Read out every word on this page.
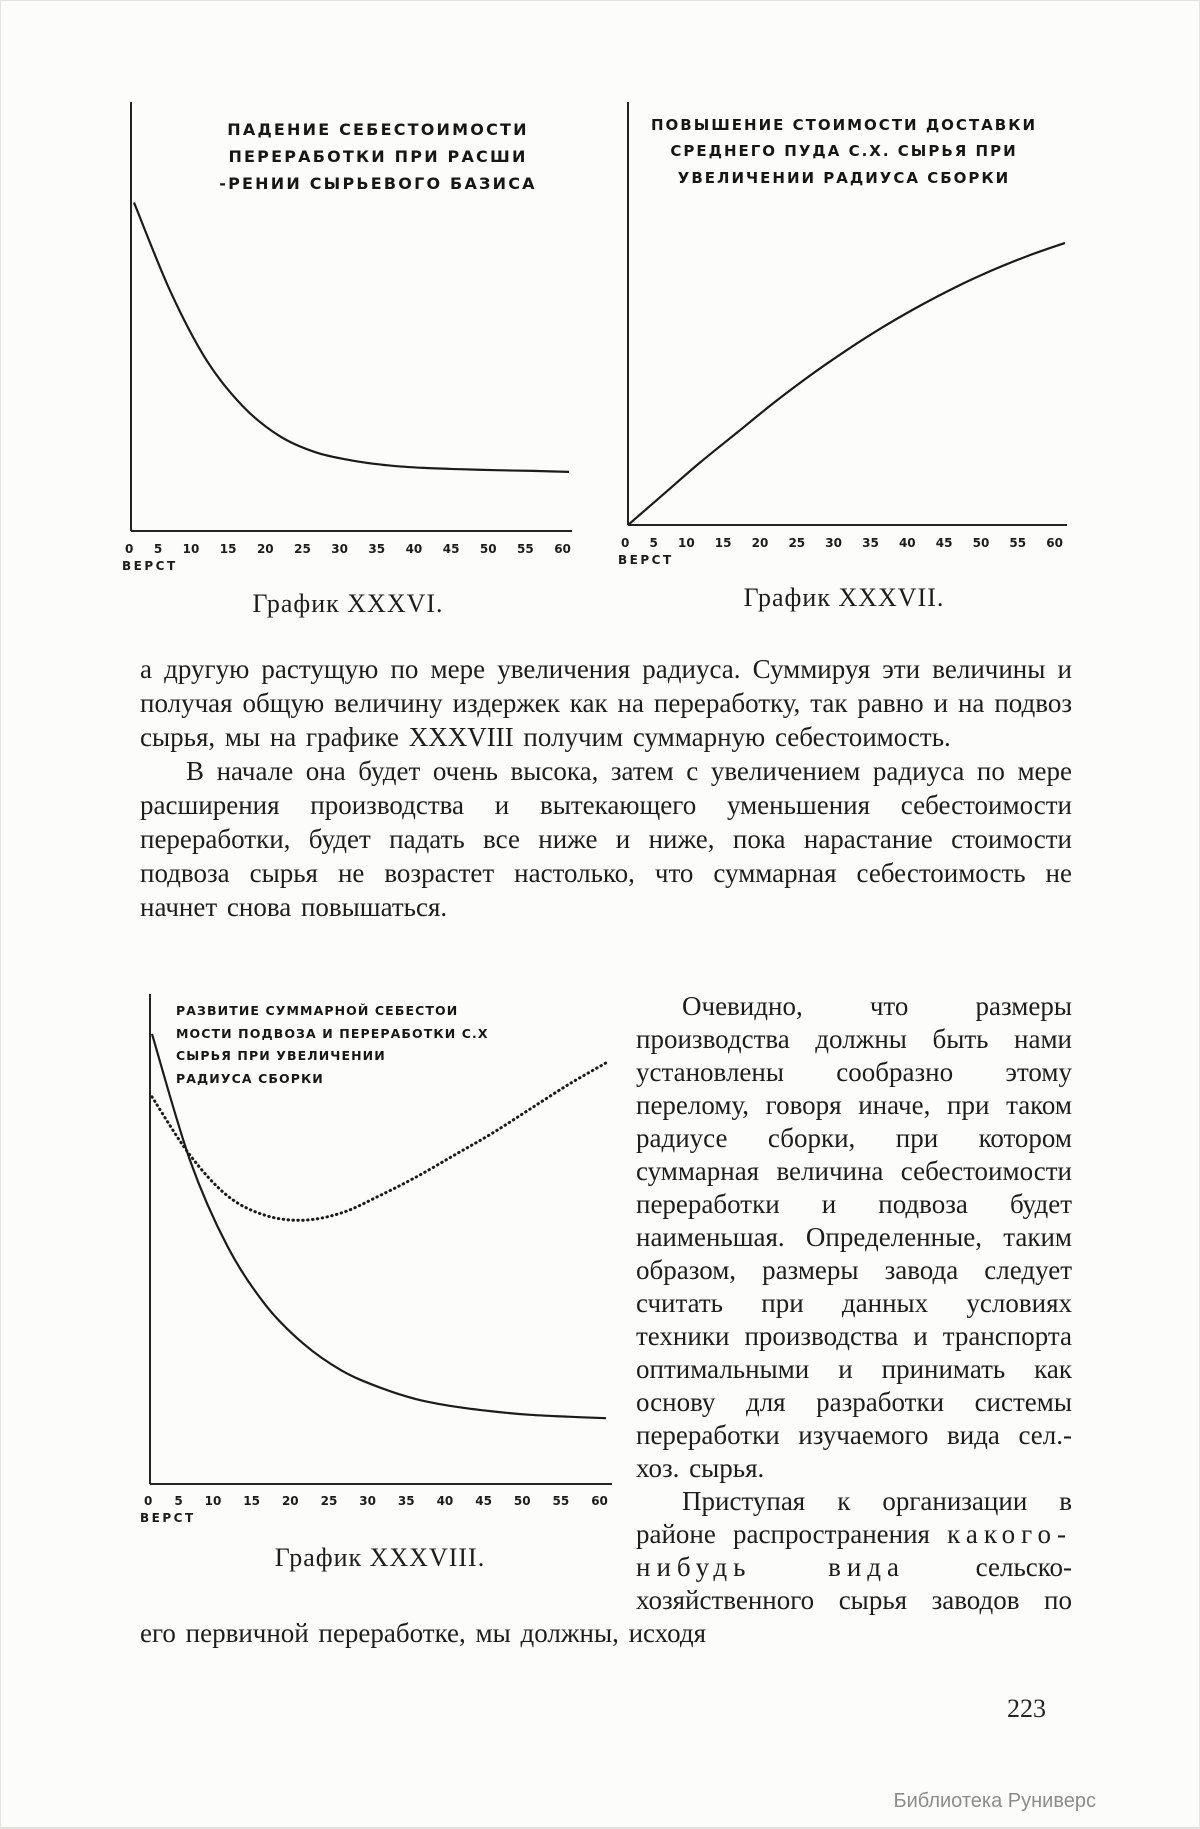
ПАДЕНИЕ СЕБЕСТОИМОСТИ
ПЕРЕРАБОТКИ ПРИ РАСШИ
-РЕНИИ СЫРЬЕВОГО БАЗИСА
0 5 10 15 20 25 30 35 40 45 50 55 60
ВЕРСТ
График XXXVI.
ПОВЫШЕНИЕ СТОИМОСТИ ДОСТАВКИ
СРЕДНЕГО ПУДА С.Х. СЫРЬЯ ПРИ
УВЕЛИЧЕНИИ РАДИУСА СБОРКИ
0 5 10 15 20 25 30 35 40 45 50 55 60
ВЕРСТ
График XXXVII.

а другую растущую по мере увеличения радиуса. Суммируя эти величины и получая общую величину издержек как на переработку, так равно и на подвоз сырья, мы на графике XXXVIII получим суммарную себестоимость.

В начале она будет очень высока, затем с увеличением радиуса по мере расширения производства и вытекающего уменьшения себестоимости переработки, будет падать все ниже и ниже, пока нарастание стоимости подвоза сырья не возрастет настолько, что суммарная себестоимость не начнет снова повышаться.

РАЗВИТИЕ СУММАРНОЙ СЕБЕСТОИ
МОСТИ ПОДВОЗА И ПЕРЕРАБОТКИ С.Х
СЫРЬЯ ПРИ УВЕЛИЧЕНИИ
РАДИУСА СБОРКИ
0 5 10 15 20 25 30 35 40 45 50 55 60
ВЕРСТ
График XXXVIII.

Очевидно, что размеры производства должны быть нами установлены сообразно этому перелому, говоря иначе, при таком радиусе сборки, при котором суммарная величина себестоимости переработки и подвоза будет наименьшая. Определенные, таким образом, размеры завода следует считать при данных условиях техники производства и транспорта оптимальными и принимать как основу для разработки системы переработки изучаемого вида сел.-хоз. сырья.

Приступая к организации в районе распространения какого-нибудь вида сельско-хозяйственного сырья заводов по его первичной переработке, мы должны, исходя

223
Библиотека Руниверс
